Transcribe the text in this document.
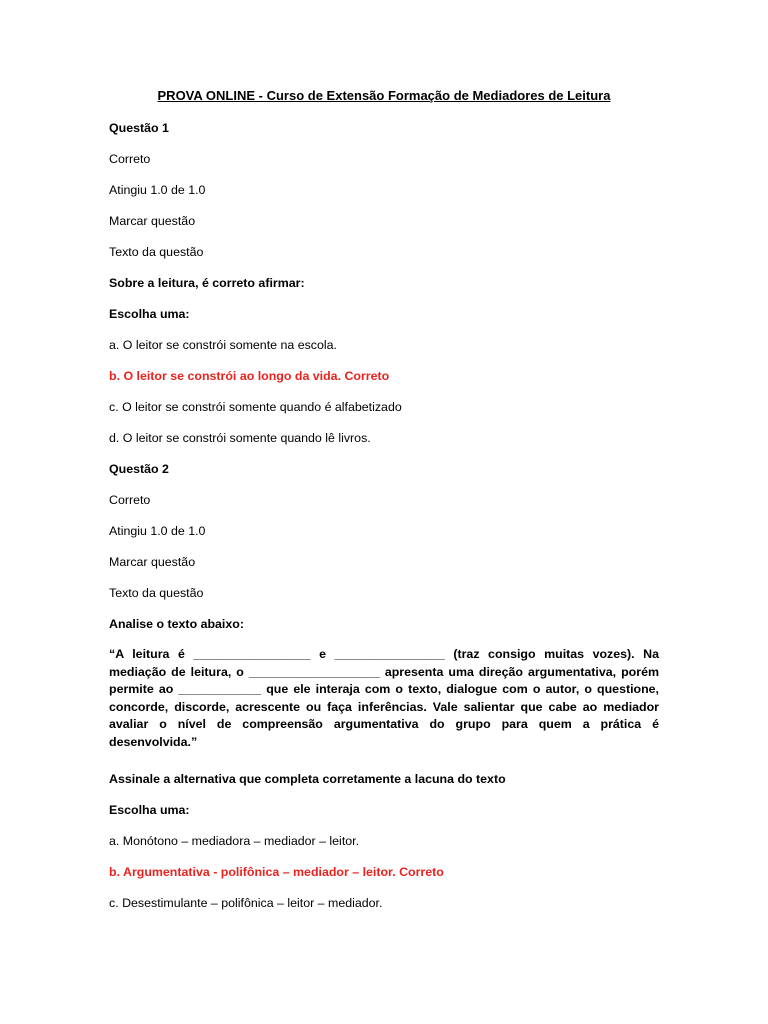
PROVA ONLINE - Curso de Extensão Formação de Mediadores de Leitura
Questão 1
Correto
Atingiu 1.0 de 1.0
Marcar questão
Texto da questão
Sobre a leitura, é correto afirmar:
Escolha uma:
a. O leitor se constrói somente na escola.
b. O leitor se constrói ao longo da vida. Correto
c. O leitor se constrói somente quando é alfabetizado
d. O leitor se constrói somente quando lê livros.
Questão 2
Correto
Atingiu 1.0 de 1.0
Marcar questão
Texto da questão
Analise o texto abaixo:
“A leitura é _________________ e ________________ (traz consigo muitas vozes). Na
mediação de leitura, o ___________________ apresenta uma direção argumentativa, porém
permite ao ____________ que ele interaja com o texto, dialogue com o autor, o questione,
concorde, discorde, acrescente ou faça inferências. Vale salientar que cabe ao mediador
avaliar o nível de compreensão argumentativa do grupo para quem a prática é
desenvolvida.”
Assinale a alternativa que completa corretamente a lacuna do texto
Escolha uma:
a. Monótono – mediadora – mediador – leitor.
b. Argumentativa - polifônica – mediador – leitor. Correto
c. Desestimulante – polifônica – leitor – mediador.
